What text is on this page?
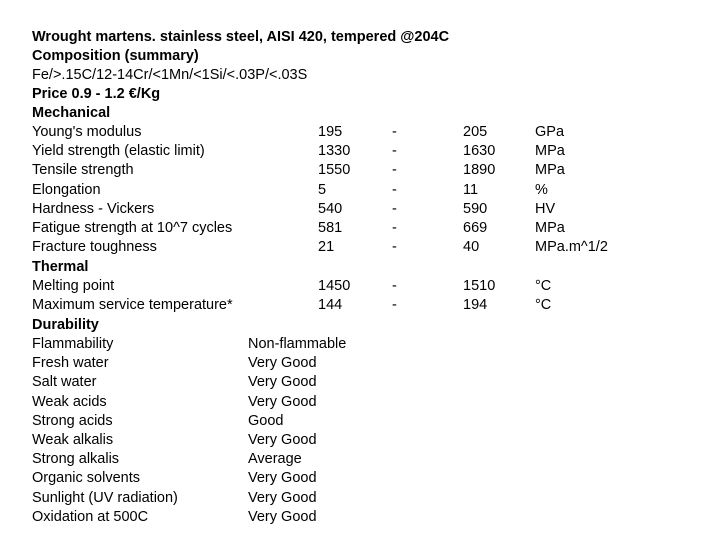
Wrought martens. stainless steel, AISI 420, tempered @204C
Composition (summary)
Fe/>.15C/12-14Cr/<1Mn/<1Si/<.03P/<.03S
Price 0.9 - 1.2 €/Kg
Mechanical
Young's modulus	195	-	205	GPa
Yield strength (elastic limit)	1330	-	1630	MPa
Tensile strength	1550	-	1890	MPa
Elongation	5	-	11	%
Hardness - Vickers	540	-	590	HV
Fatigue strength at 10^7 cycles	581	-	669	MPa
Fracture toughness	21	-	40	MPa.m^1/2
Thermal
Melting point	1450	-	1510	°C
Maximum service temperature*	144	-	194	°C
Durability
Flammability	Non-flammable
Fresh water	Very Good
Salt water	Very Good
Weak acids	Very Good
Strong acids	Good
Weak alkalis	Very Good
Strong alkalis	Average
Organic solvents	Very Good
Sunlight (UV radiation)	Very Good
Oxidation at 500C	Very Good
